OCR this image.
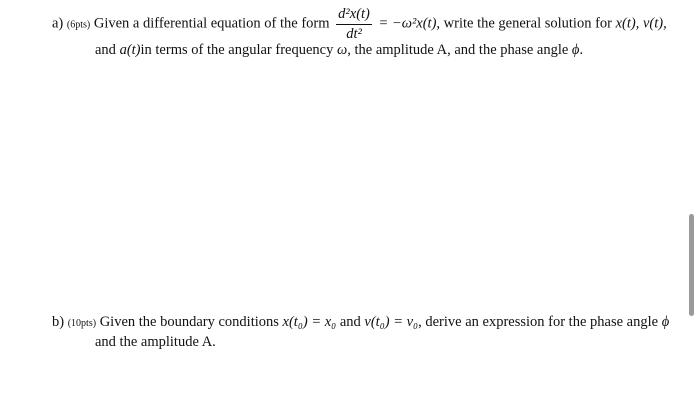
a) (6pts) Given a differential equation of the form $\frac{\text{d²x(t)}}{\text{dt²}} = -\omega^2x(t)$, write the general solution for x(t), v(t),
and a(t)in terms of the angular frequency ω, the amplitude A, and the phase angle ϕ.
b) (10pts) Given the boundary conditions x(t₀) = x₀ and v(t₀) = v₀, derive an expression for the phase angle ϕ
and the amplitude A.
